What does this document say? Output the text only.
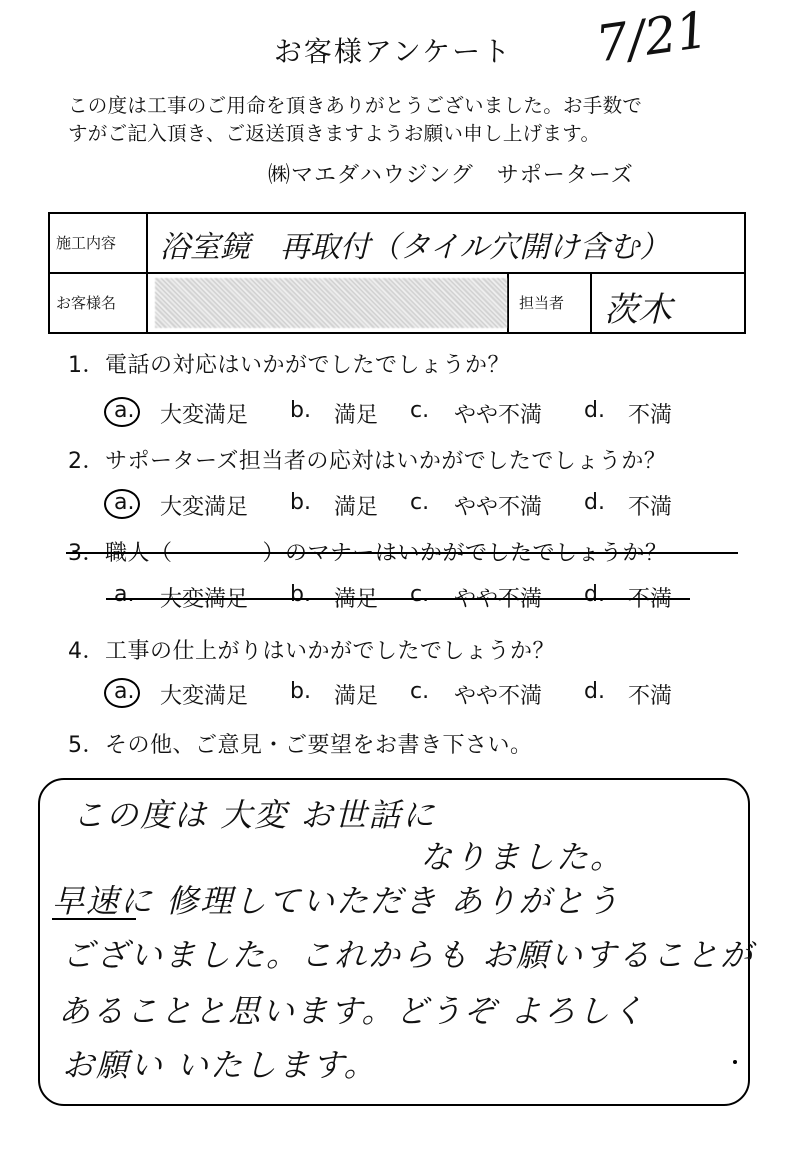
お客様アンケート	7/21
この度は工事のご用命を頂きありがとうございました。お手数で
すがご記入頂き、ご返送頂きますようお願い申し上げます。
㈱マエダハウジング　サポーターズ
施工内容 浴室鏡　再取付（タイル穴開け含む）
お客様名	担当者 茨木
1．電話の対応はいかがでしたでしょうか？
a. 大変満足 b. 満足 c. やや不満 d. 不満
2．サポーターズ担当者の応対はいかがでしたでしょうか？
a. 大変満足 b. 満足 c. やや不満 d. 不満
3．職人（　　　　）のマナーはいかがでしたでしょうか？
a. 大変満足 b. 満足 c. やや不満 d. 不満
4．工事の仕上がりはいかがでしたでしょうか？
a. 大変満足 b. 満足 c. やや不満 d. 不満
5．その他、ご意見・ご要望をお書き下さい。
この度は 大変 お世話に
なりました。
早速に 修理していただき ありがとう
ございました。これからも お願いすることが
あることと思います。どうぞ よろしく
お願い いたします。
